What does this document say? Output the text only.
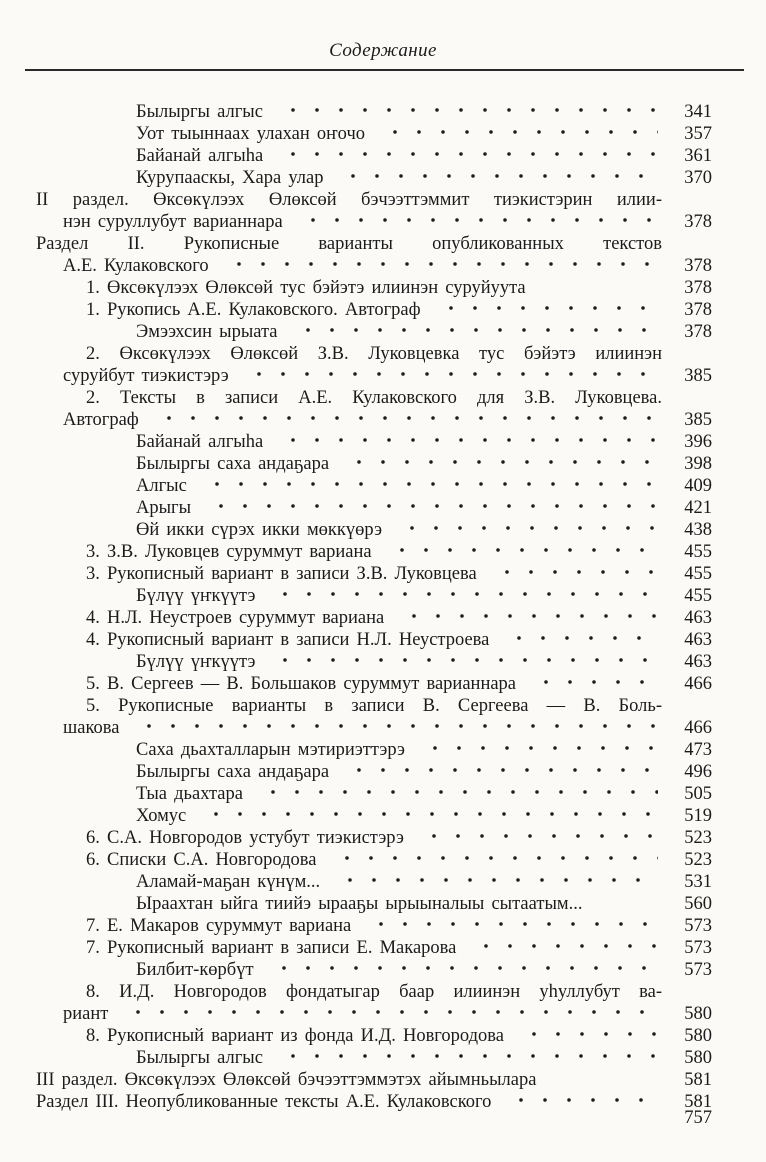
Содержание
Былыргы алгыс	341
Уот тыыннаах улахан оҥочо	357
Байанай алгыһа	361
Курупааскы, Хара улар	370
II раздел. Өксөкүлээх Өлөксөй бэчээттэммит тиэкистэрин илии-
нэн суруллубут варианнара	378
Раздел II. Рукописные варианты опубликованных текстов
А.Е. Кулаковского	378
1. Өксөкүлээх Өлөксөй тус бэйэтэ илиинэн суруйуута	378
1. Рукопись А.Е. Кулаковского. Автограф	378
Эмээхсин ырыата	378
2. Өксөкүлээх Өлөксөй З.В. Луковцевка тус бэйэтэ илиинэн
суруйбут тиэкистэрэ	385
2. Тексты в записи А.Е. Кулаковского для З.В. Луковцева.
Автограф	385
Байанай алгыһа	396
Былыргы саха андаҕара	398
Алгыс	409
Арыгы	421
Өй икки сүрэх икки мөккүөрэ	438
3. З.В. Луковцев суруммут вариана	455
3. Рукописный вариант в записи З.В. Луковцева	455
Бүлүү үҥкүүтэ	455
4. Н.Л. Неустроев суруммут вариана	463
4. Рукописный вариант в записи Н.Л. Неустроева	463
Бүлүү үҥкүүтэ	463
5. В. Сергеев — В. Большаков суруммут варианнара	466
5. Рукописные варианты в записи В. Сергеева — В. Боль-
шакова	466
Саха дьахталларын мэтириэттэрэ	473
Былыргы саха андаҕара	496
Тыа дьахтара	505
Хомус	519
6. С.А. Новгородов устубут тиэкистэрэ	523
6. Списки С.А. Новгородова	523
Аламай-маҕан күнүм...	531
Ыраахтан ыйга тиийэ ырааҕы ырыыналыы сытаатым...	560
7. Е. Макаров суруммут вариана	573
7. Рукописный вариант в записи Е. Макарова	573
Билбит-көрбүт	573
8. И.Д. Новгородов фондатыгар баар илиинэн уһуллубут ва-
риант	580
8. Рукописный вариант из фонда И.Д. Новгородова	580
Былыргы алгыс	580
III раздел. Өксөкүлээх Өлөксөй бэчээттэммэтэх айымньылара	581
Раздел III. Неопубликованные тексты А.Е. Кулаковского	581
757
